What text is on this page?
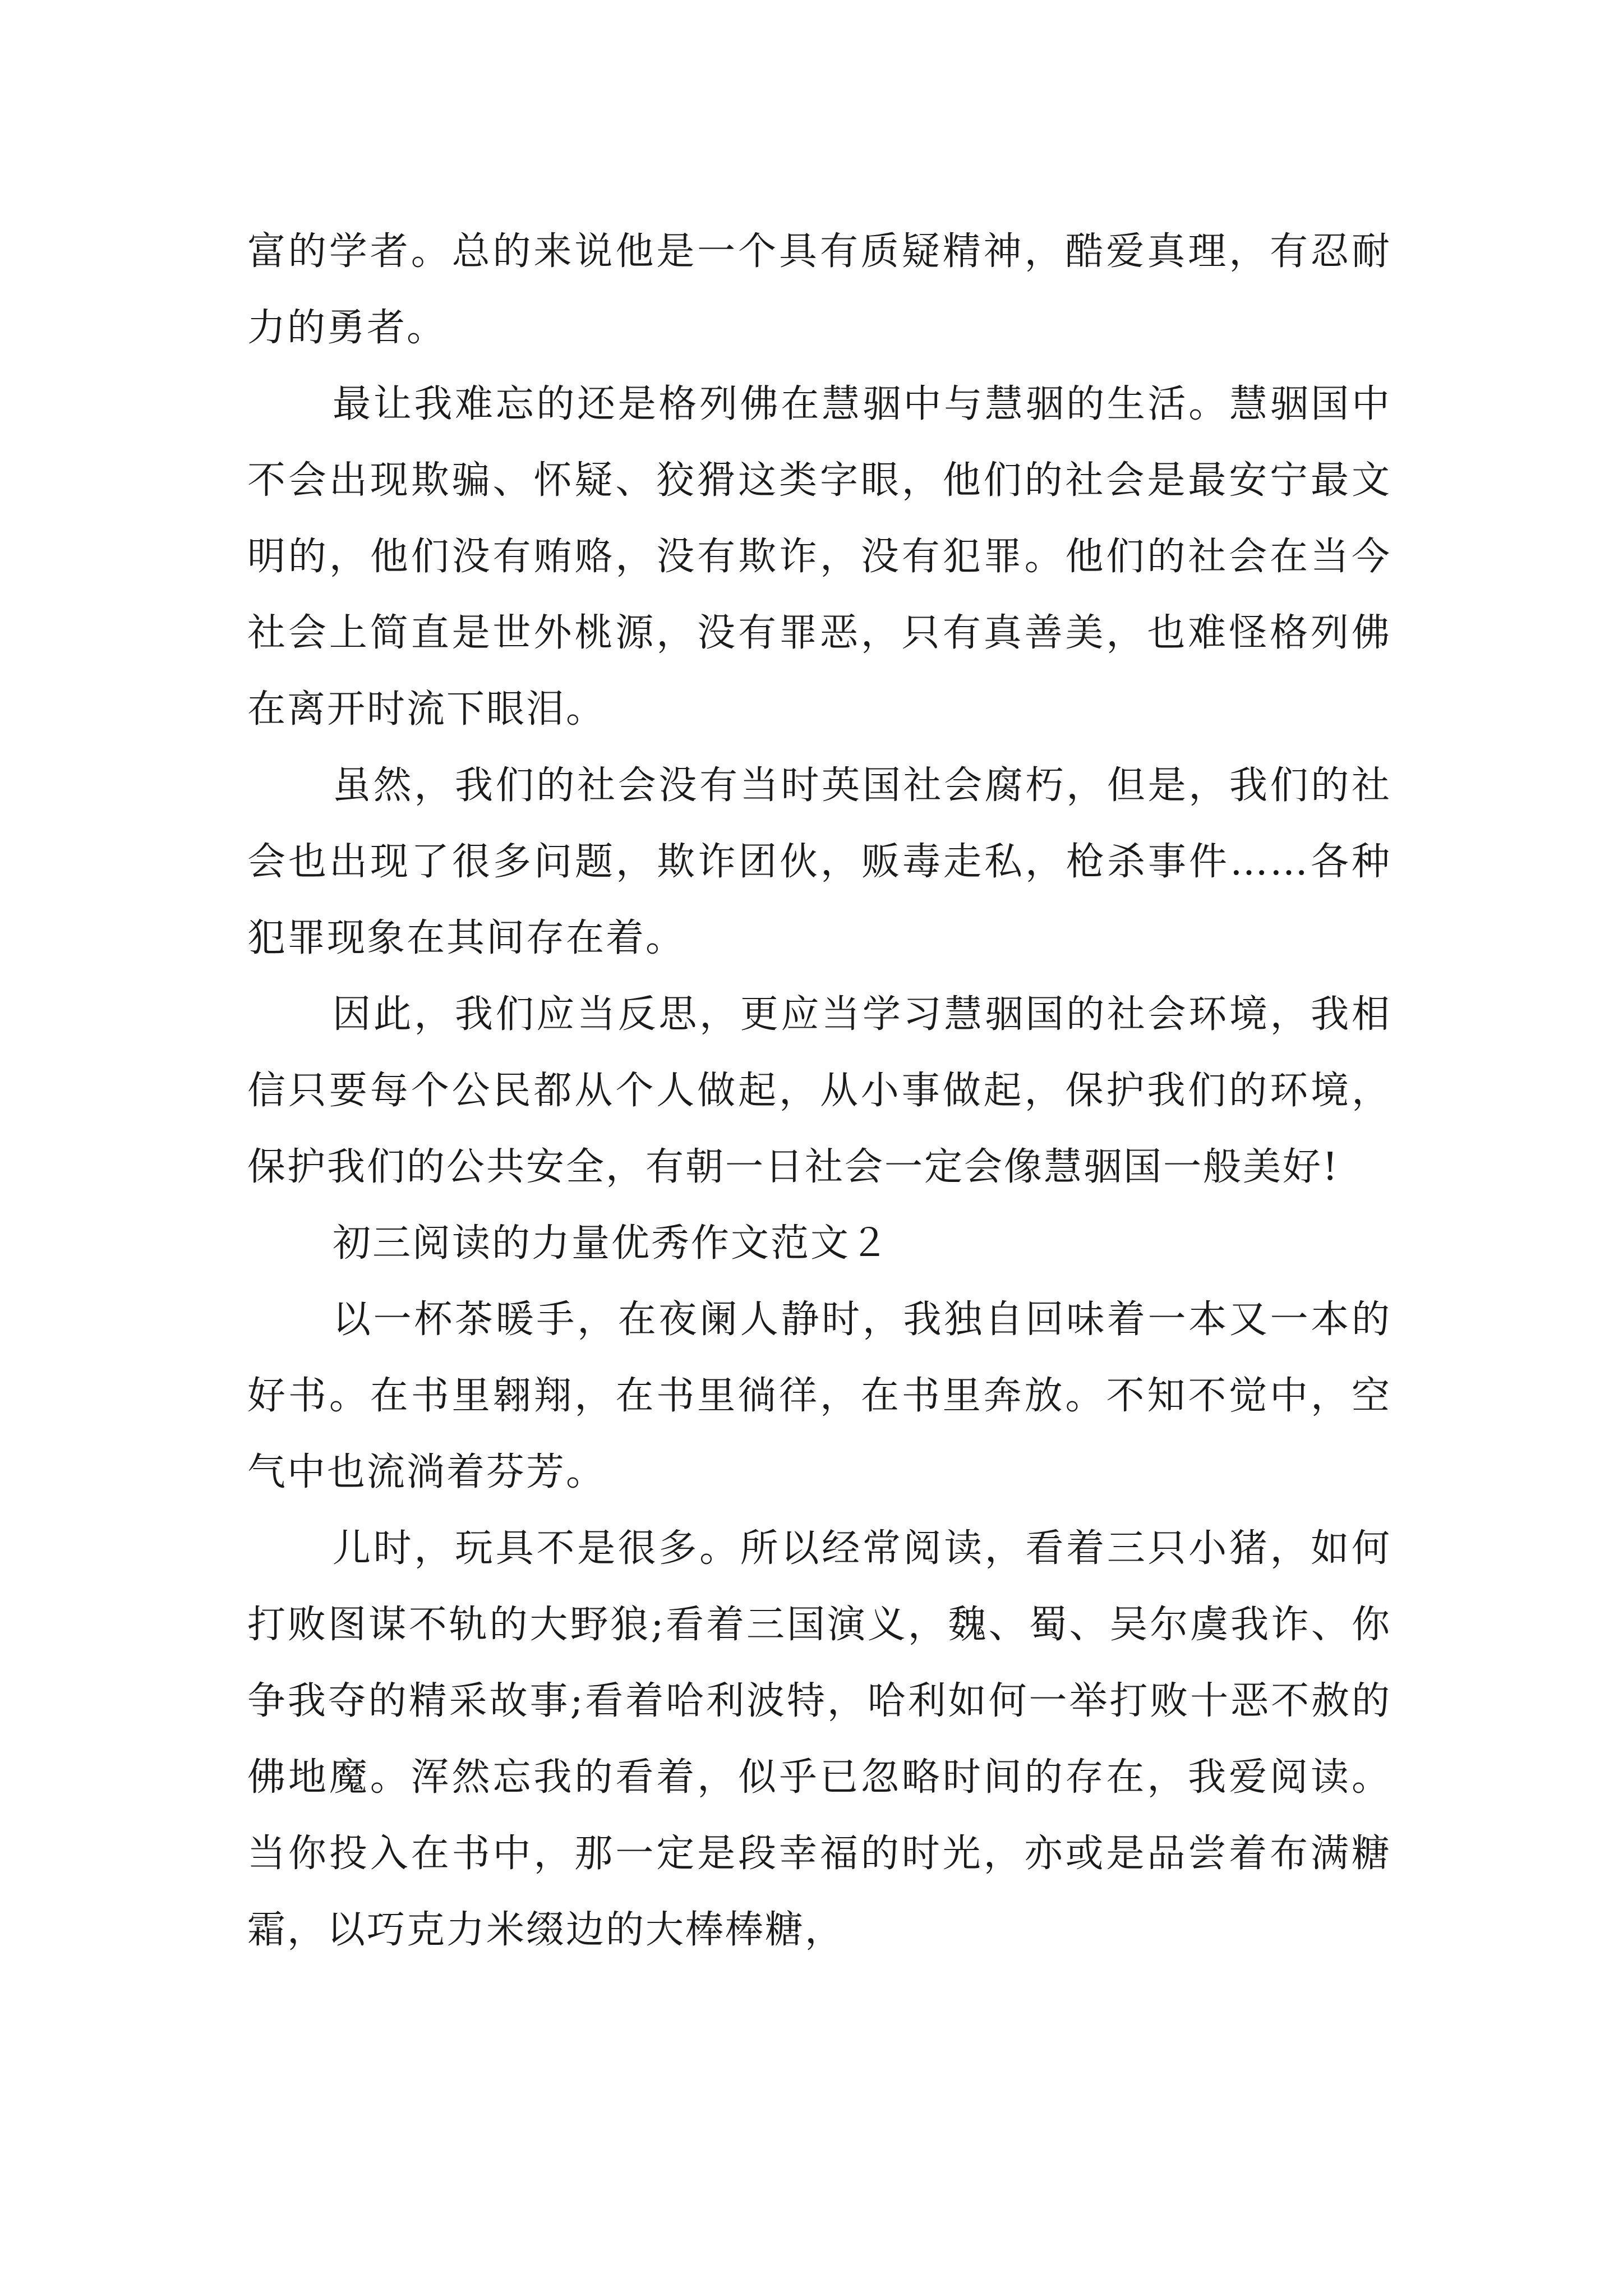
富的学者。总的来说他是一个具有质疑精神，酷爱真理，有忍耐力的勇者。

最让我难忘的还是格列佛在慧骃中与慧骃的生活。慧骃国中不会出现欺骗、怀疑、狡猾这类字眼，他们的社会是最安宁最文明的，他们没有贿赂，没有欺诈，没有犯罪。他们的社会在当今社会上简直是世外桃源，没有罪恶，只有真善美，也难怪格列佛在离开时流下眼泪。

虽然，我们的社会没有当时英国社会腐朽，但是，我们的社会也出现了很多问题，欺诈团伙，贩毒走私，枪杀事件……各种犯罪现象在其间存在着。

因此，我们应当反思，更应当学习慧骃国的社会环境，我相信只要每个公民都从个人做起，从小事做起，保护我们的环境，保护我们的公共安全，有朝一日社会一定会像慧骃国一般美好!

初三阅读的力量优秀作文范文２

以一杯茶暖手，在夜阑人静时，我独自回味着一本又一本的好书。在书里翱翔，在书里徜徉，在书里奔放。不知不觉中，空气中也流淌着芬芳。

儿时，玩具不是很多。所以经常阅读，看着三只小猪，如何打败图谋不轨的大野狼;看着三国演义，魏、蜀、吴尔虞我诈、你争我夺的精采故事;看着哈利波特，哈利如何一举打败十恶不赦的佛地魔。浑然忘我的看着，似乎已忽略时间的存在，我爱阅读。当你投入在书中，那一定是段幸福的时光，亦或是品尝着布满糖霜，以巧克力米缀边的大棒棒糖，
